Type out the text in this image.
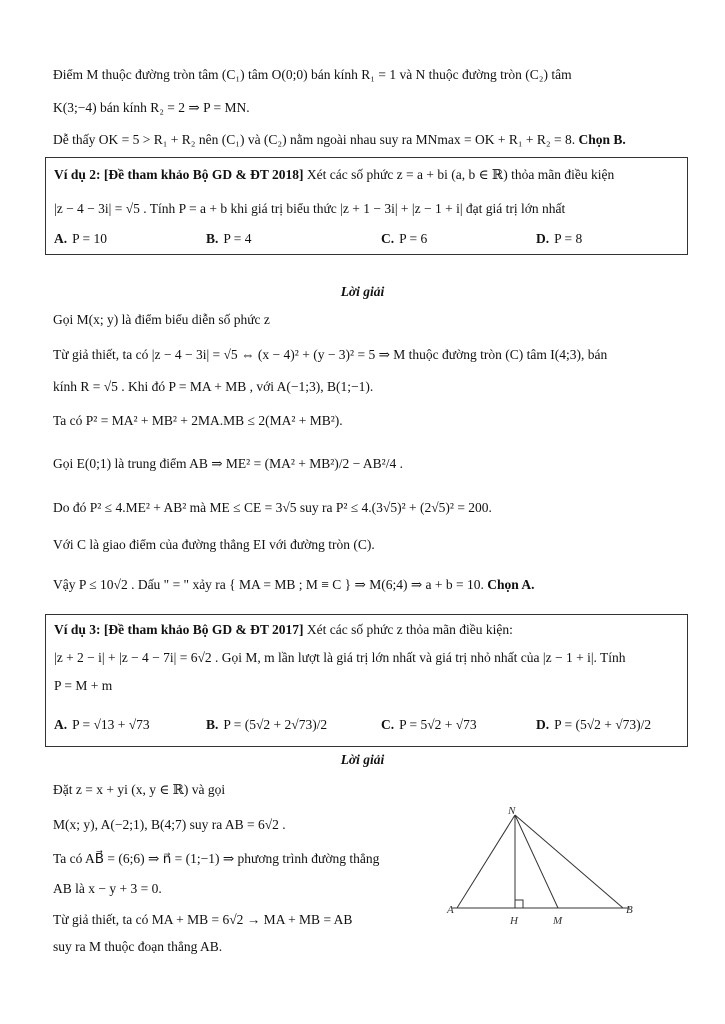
Điểm M thuộc đường tròn tâm (C₁) tâm O(0;0) bán kính R₁ = 1 và N thuộc đường tròn (C₂) tâm
K(3;−4) bán kính R₂ = 2 ⇒ P = MN.
Dễ thấy OK = 5 > R₁ + R₂ nên (C₁) và (C₂) nằm ngoài nhau suy ra MNmax = OK + R₁ + R₂ = 8. Chọn B.
Ví dụ 2: [Đề tham khảo Bộ GD & ĐT 2018] Xét các số phức z = a + bi (a, b ∈ ℝ) thỏa mãn điều kiện
|z − 4 − 3i| = √5 . Tính P = a + b khi giá trị biểu thức |z + 1 − 3i| + |z − 1 + i| đạt giá trị lớn nhất
A. P = 10	B. P = 4	C. P = 6	D. P = 8
Lời giải
Gọi M(x; y) là điểm biểu diễn số phức z
Từ giả thiết, ta có |z − 4 − 3i| = √5 ⇔ (x − 4)² + (y − 3)² = 5 ⇒ M thuộc đường tròn (C) tâm I(4;3), bán
kính R = √5 . Khi đó P = MA + MB , với A(−1;3), B(1;−1).
Ta có P² = MA² + MB² + 2MA.MB ≤ 2(MA² + MB²).
Gọi E(0;1) là trung điểm AB ⇒ ME² = (MA² + MB²)/2 − AB²/4 .
Do đó P² ≤ 4.ME² + AB² mà ME ≤ CE = 3√5 suy ra P² ≤ 4.(3√5)² + (2√5)² = 200.
Với C là giao điểm của đường thẳng EI với đường tròn (C).
Vậy P ≤ 10√2 . Dấu " = " xảy ra { MA = MB ; M ≡ C } ⇒ M(6;4) ⇒ a + b = 10. Chọn A.
Ví dụ 3: [Đề tham khảo Bộ GD & ĐT 2017] Xét các số phức z thỏa mãn điều kiện:
|z + 2 − i| + |z − 4 − 7i| = 6√2 . Gọi M, m lần lượt là giá trị lớn nhất và giá trị nhỏ nhất của |z − 1 + i|. Tính
P = M + m
A. P = √13 + √73	B. P = (5√2 + 2√73)/2	C. P = 5√2 + √73	D. P = (5√2 + √73)/2
Lời giải
Đặt z = x + yi (x, y ∈ ℝ) và gọi
M(x; y), A(−2;1), B(4;7) suy ra AB = 6√2 .
Ta có AB⃗ = (6;6) ⇒ n⃗ = (1;−1) ⇒ phương trình đường thẳng
AB là x − y + 3 = 0.
Từ giả thiết, ta có MA + MB = 6√2 → MA + MB = AB
suy ra M thuộc đoạn thẳng AB.
N
A
H	M
B
